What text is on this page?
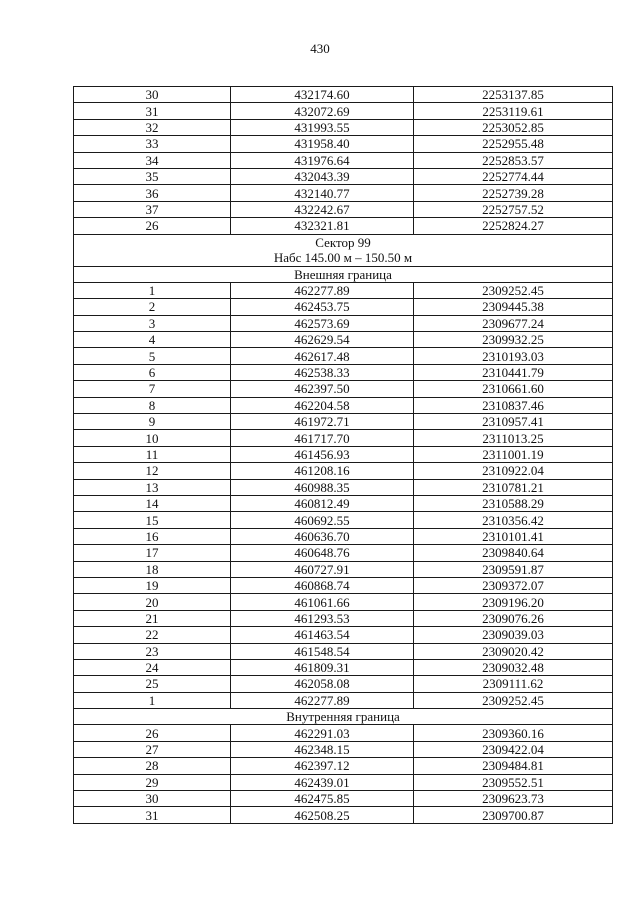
430
30	432174.60	2253137.85
31	432072.69	2253119.61
32	431993.55	2253052.85
33	431958.40	2252955.48
34	431976.64	2252853.57
35	432043.39	2252774.44
36	432140.77	2252739.28
37	432242.67	2252757.52
26	432321.81	2252824.27

Сектор 99
Набс 145.00 м – 150.50 м		

Внешняя граница		

1	462277.89	2309252.45
2	462453.75	2309445.38
3	462573.69	2309677.24
4	462629.54	2309932.25
5	462617.48	2310193.03
6	462538.33	2310441.79
7	462397.50	2310661.60
8	462204.58	2310837.46
9	461972.71	2310957.41
10	461717.70	2311013.25
11	461456.93	2311001.19
12	461208.16	2310922.04
13	460988.35	2310781.21
14	460812.49	2310588.29
15	460692.55	2310356.42
16	460636.70	2310101.41
17	460648.76	2309840.64
18	460727.91	2309591.87
19	460868.74	2309372.07
20	461061.66	2309196.20
21	461293.53	2309076.26
22	461463.54	2309039.03
23	461548.54	2309020.42
24	461809.31	2309032.48
25	462058.08	2309111.62
1	462277.89	2309252.45

Внутренняя граница		

26	462291.03	2309360.16
27	462348.15	2309422.04
28	462397.12	2309484.81
29	462439.01	2309552.51
30	462475.85	2309623.73
31	462508.25	2309700.87
